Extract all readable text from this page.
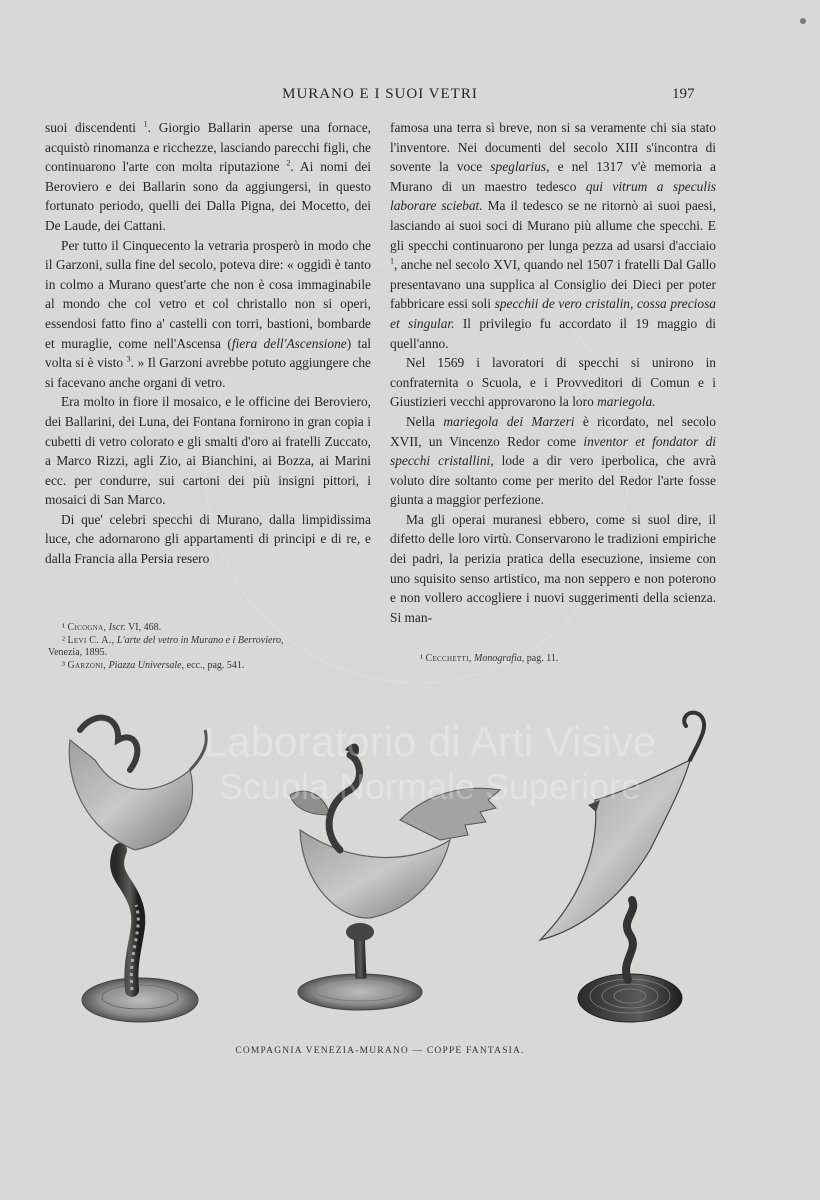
MURANO E I SUOI VETRI	197

suoi discendenti $^1$. Giorgio Ballarin aperse una fornace, acquistò rinomanza e ricchezze, lasciando parecchi figli, che continuarono l'arte con molta riputazione $^2$. Ai nomi dei Beroviero e dei Ballarin sono da aggiungersi, in questo fortunato periodo, quelli dei Dalla Pigna, dei Mocetto, dei De Laude, dei Cattani.

Per tutto il Cinquecento la vetraria prosperò in modo che il Garzoni, sulla fine del secolo, poteva dire: « oggidì è tanto in colmo a Murano quest'arte che non è cosa immaginabile al mondo che col vetro et col christallo non si operi, essendosi fatto fino a' castelli con torri, bastioni, bombarde et muraglie, come nell'Ascensa (fiera dell'Ascensione) tal volta si è visto $^3$. » Il Garzoni avrebbe potuto aggiungere che si facevano anche organi di vetro.

Era molto in fiore il mosaico, e le officine dei Beroviero, dei Ballarini, dei Luna, dei Fontana fornirono in gran copia i cubetti di vetro colorato e gli smalti d'oro ai fratelli Zuccato, a Marco Rizzi, agli Zio, ai Bianchini, ai Bozza, ai Marini ecc. per condurre, sui cartoni dei più insigni pittori, i mosaici di San Marco.

Di que' celebri specchi di Murano, dalla limpidissima luce, che adornarono gli appartamenti di principi e di re, e dalla Francia alla Persia resero

¹ Cicogna, Iscr. VI, 468.
² Levi C. A., L'arte del vetro in Murano e i Berroviero,
Venezia, 1895.
³ Garzoni, Piazza Universale, ecc., pag. 541.

famosa una terra sì breve, non si sa veramente chi sia stato l'inventore. Nei documenti del secolo XIII s'incontra di sovente la voce speglarius, e nel 1317 v'è memoria a Murano di un maestro tedesco qui vitrum a speculis laborare sciebat. Ma il tedesco se ne ritornò ai suoi paesi, lasciando ai suoi soci di Murano più allume che specchi. E gli specchi continuarono per lunga pezza ad usarsi d'acciaio $^1$, anche nel secolo XVI, quando nel 1507 i fratelli Dal Gallo presentavano una supplica al Consiglio dei Dieci per poter fabbricare essi soli specchii de vero cristalin, cossa preciosa et singular. Il privilegio fu accordato il 19 maggio di quell'anno.

Nel 1569 i lavoratori di specchi si unirono in confraternita o Scuola, e i Provveditori di Comun e i Giustizieri vecchi approvarono la loro mariegola.

Nella mariegola dei Marzeri è ricordato, nel secolo XVII, un Vincenzo Redor come inventor et fondator di specchi cristallini, lode a dir vero iperbolica, che avrà voluto dire soltanto come per merito del Redor l'arte fosse giunta a maggior perfezione.

Ma gli operai muranesi ebbero, come si suol dire, il difetto delle loro virtù. Conservarono le tradizioni empiriche dei padri, la perizia pratica della esecuzione, insieme con uno squisito senso artistico, ma non seppero e non poterono e non vollero accogliere i nuovi suggerimenti della scienza. Si man-

¹ Cecchetti, Monografia, pag. 11.
Laboratorio di Arti Visive
Scuola Normale Superiore
COMPAGNIA VENEZIA-MURANO — COPPE FANTASIA.
